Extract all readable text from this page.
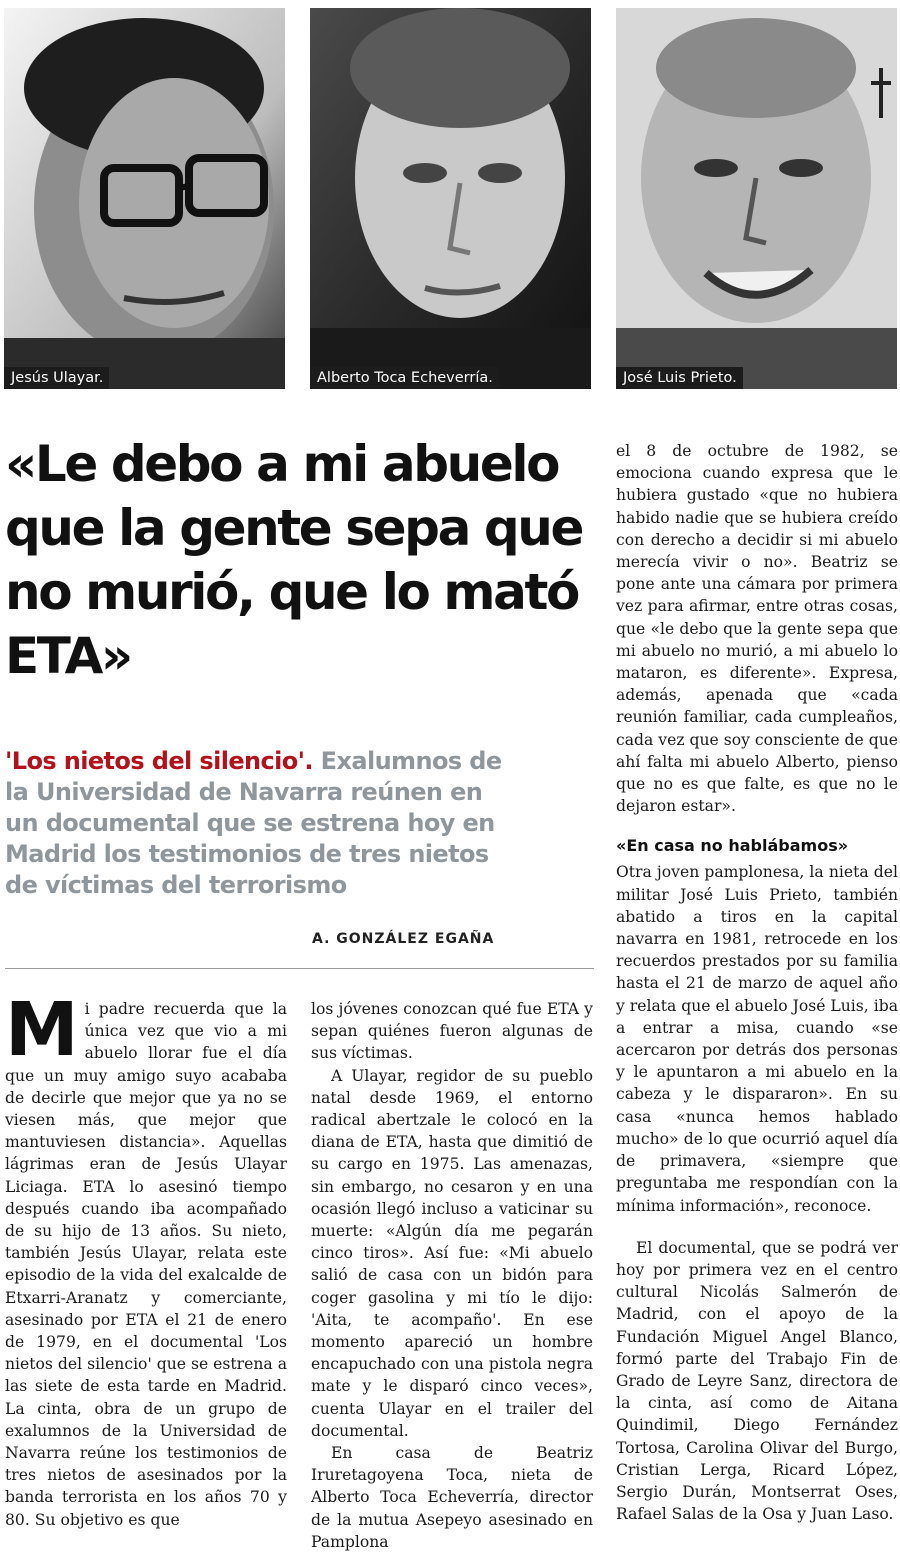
Jesús Ulayar.	Alberto Toca Echeverría.	José Luis Prieto.
«Le debo a mi abuelo que la gente sepa que no murió, que lo mató ETA»

'Los nietos del silencio'. Exalumnos de la Universidad de Navarra reúnen en un documental que se estrena hoy en Madrid los testimonios de tres nietos de víctimas del terrorismo

A. GONZÁLEZ EGAÑA
M i padre recuerda que la única vez que vio a mi abuelo llorar fue el día que un muy amigo suyo acababa de decirle que mejor que ya no se viesen más, que mejor que mantuviesen distancia». Aquellas lágrimas eran de Jesús Ulayar Liciaga. ETA lo asesinó tiempo después cuando iba acompañado de su hijo de 13 años. Su nieto, también Jesús Ulayar, relata este episodio de la vida del exalcalde de Etxarri-Aranatz y comerciante, asesinado por ETA el 21 de enero de 1979, en el documental 'Los nietos del silencio' que se estrena a las siete de esta tarde en Madrid. La cinta, obra de un grupo de exalumnos de la Universidad de Navarra reúne los testimonios de tres nietos de asesinados por la banda terrorista en los años 70 y 80. Su objetivo es que

los jóvenes conozcan qué fue ETA y sepan quiénes fueron algunas de sus víctimas.

A Ulayar, regidor de su pueblo natal desde 1969, el entorno radical abertzale le colocó en la diana de ETA, hasta que dimitió de su cargo en 1975. Las amenazas, sin embargo, no cesaron y en una ocasión llegó incluso a vaticinar su muerte: «Algún día me pegarán cinco tiros». Así fue: «Mi abuelo salió de casa con un bidón para coger gasolina y mi tío le dijo: 'Aita, te acompaño'. En ese momento apareció un hombre encapuchado con una pistola negra mate y le disparó cinco veces», cuenta Ulayar en el trailer del documental.

En casa de Beatriz Iruretagoyena Toca, nieta de Alberto Toca Echeverría, director de la mutua Asepeyo asesinado en Pamplona

el 8 de octubre de 1982, se emociona cuando expresa que le hubiera gustado «que no hubiera habido nadie que se hubiera creído con derecho a decidir si mi abuelo merecía vivir o no». Beatriz se pone ante una cámara por primera vez para afirmar, entre otras cosas, que «le debo que la gente sepa que mi abuelo no murió, a mi abuelo lo mataron, es diferente». Expresa, además, apenada que «cada reunión familiar, cada cumpleaños, cada vez que soy consciente de que ahí falta mi abuelo Alberto, pienso que no es que falte, es que no le dejaron estar».

«En casa no hablábamos»

Otra joven pamplonesa, la nieta del militar José Luis Prieto, también abatido a tiros en la capital navarra en 1981, retrocede en los recuerdos prestados por su familia hasta el 21 de marzo de aquel año y relata que el abuelo José Luis, iba a entrar a misa, cuando «se acercaron por detrás dos personas y le apuntaron a mi abuelo en la cabeza y le dispararon». En su casa «nunca hemos hablado mucho» de lo que ocurrió aquel día de primavera, «siempre que preguntaba me respondían con la mínima información», reconoce.

El documental, que se podrá ver hoy por primera vez en el centro cultural Nicolás Salmerón de Madrid, con el apoyo de la Fundación Miguel Angel Blanco, formó parte del Trabajo Fin de Grado de Leyre Sanz, directora de la cinta, así como de Aitana Quindimil, Diego Fernández Tortosa, Carolina Olivar del Burgo, Cristian Lerga, Ricard López, Sergio Durán, Montserrat Oses, Rafael Salas de la Osa y Juan Laso.
